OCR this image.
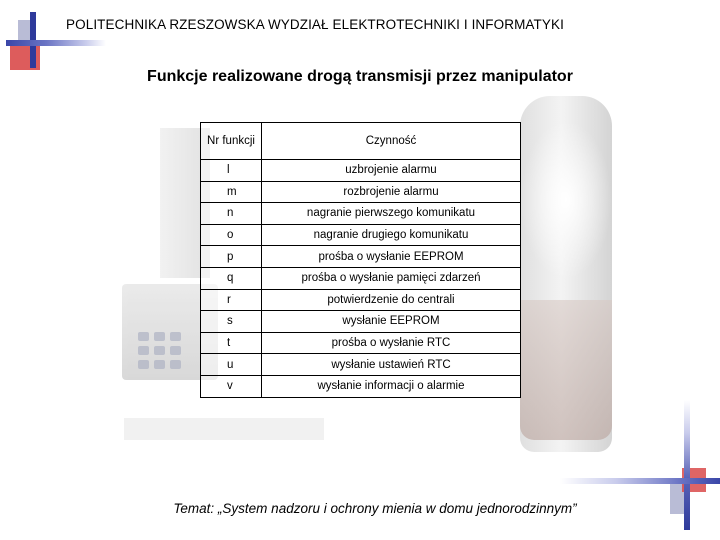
POLITECHNIKA RZESZOWSKA WYDZIAŁ ELEKTROTECHNIKI I INFORMATYKI
Funkcje realizowane drogą transmisji przez manipulator
Nr funkcji	Czynność
l	uzbrojenie alarmu
m	rozbrojenie alarmu
n	nagranie pierwszego komunikatu
o	nagranie drugiego komunikatu
p	prośba o wysłanie EEPROM
q	prośba o wysłanie pamięci zdarzeń
r	potwierdzenie do centrali
s	wysłanie EEPROM
t	prośba o wysłanie RTC
u	wysłanie ustawień RTC
v	wysłanie informacji o alarmie
Temat: „System nadzoru i ochrony mienia w domu jednorodzinnym”
